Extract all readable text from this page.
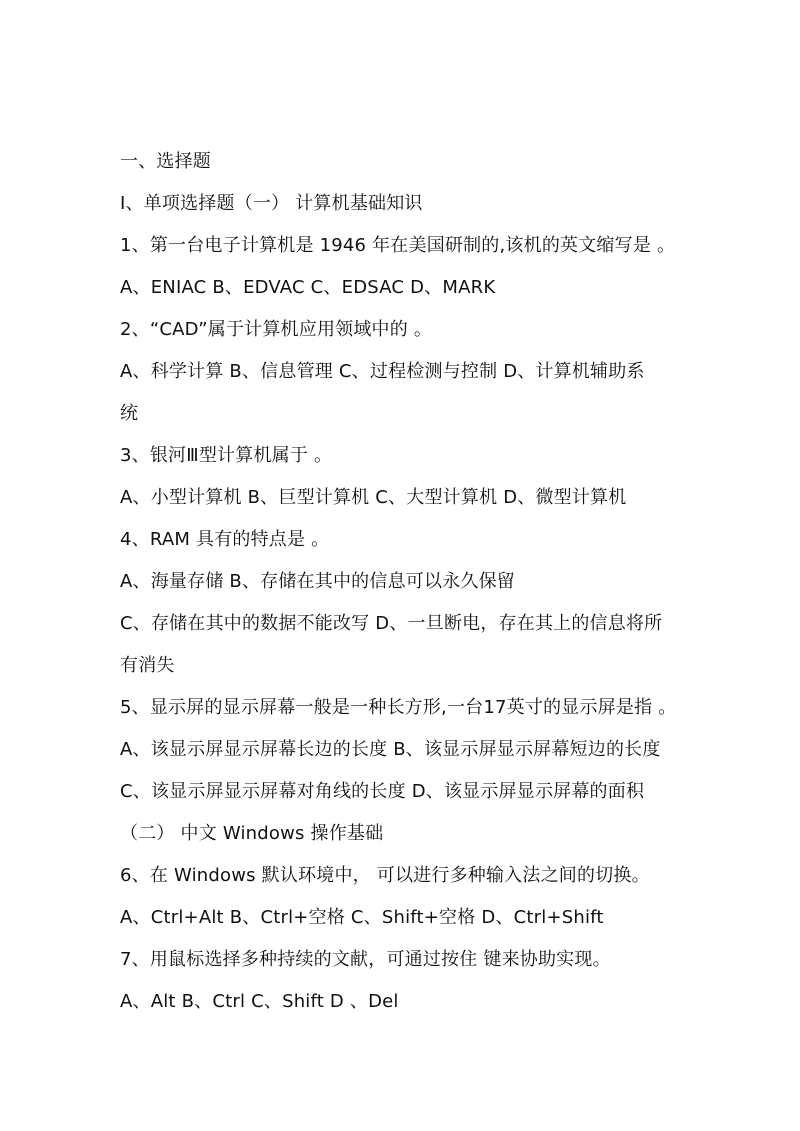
一、选择题
Ⅰ、单项选择题（一） 计算机基础知识
1、第一台电子计算机是 1946 年在美国研制的,该机的英文缩写是 。
A、ENIAC B、EDVAC C、EDSAC D、MARK
2、“CAD”属于计算机应用领域中的 。
A、科学计算 B、信息管理 C、过程检测与控制 D、计算机辅助系
统
3、银河Ⅲ型计算机属于 。
A、小型计算机 B、巨型计算机 C、大型计算机 D、微型计算机
4、RAM 具有的特点是 。
A、海量存储 B、存储在其中的信息可以永久保留
C、存储在其中的数据不能改写 D、一旦断电，存在其上的信息将所
有消失
5、显示屏的显示屏幕一般是一种长方形,一台17英寸的显示屏是指 。
A、该显示屏显示屏幕长边的长度 B、该显示屏显示屏幕短边的长度
C、该显示屏显示屏幕对角线的长度 D、该显示屏显示屏幕的面积
（二） 中文 Windows 操作基础
6、在 Windows 默认环境中， 可以进行多种输入法之间的切换。
A、Ctrl+Alt B、Ctrl+空格 C、Shift+空格 D、Ctrl+Shift
7、用鼠标选择多种持续的文献，可通过按住 键来协助实现。
A、Alt B、Ctrl C、Shift D 、Del
